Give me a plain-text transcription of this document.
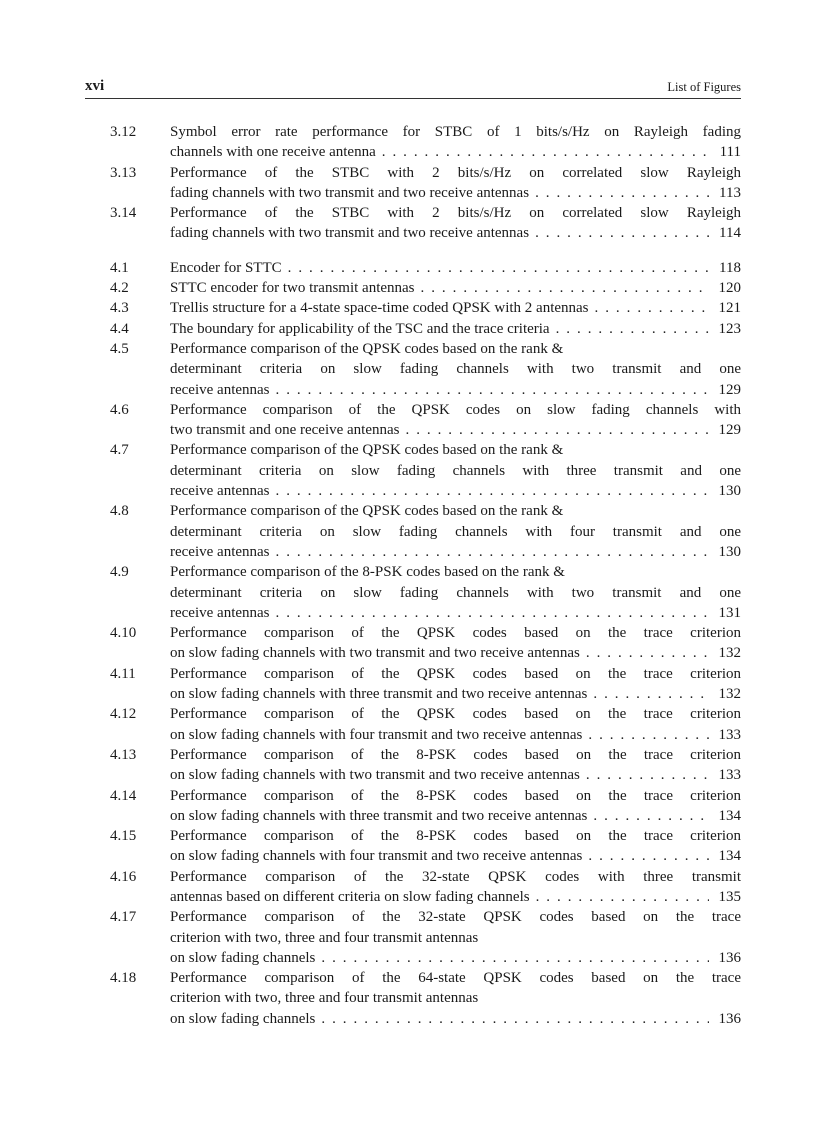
xvi	List of Figures
3.12	Symbol error rate performance for STBC of 1 bits/s/Hz on Rayleigh fading
channels with one receive antenna . . .	111
3.13	Performance of the STBC with 2 bits/s/Hz on correlated slow Rayleigh
fading channels with two transmit and two receive antennas . . .	113
3.14	Performance of the STBC with 2 bits/s/Hz on correlated slow Rayleigh
fading channels with two transmit and two receive antennas . . .	114
4.1	Encoder for STTC . . .	118
4.2	STTC encoder for two transmit antennas . . .	120
4.3	Trellis structure for a 4-state space-time coded QPSK with 2 antennas . . .	121
4.4	The boundary for applicability of the TSC and the trace criteria . . .	123
4.5	Performance comparison of the QPSK codes based on the rank &
determinant criteria on slow fading channels with two transmit and one
receive antennas . . .	129
4.6	Performance comparison of the QPSK codes on slow fading channels with
two transmit and one receive antennas . . .	129
4.7	Performance comparison of the QPSK codes based on the rank &
determinant criteria on slow fading channels with three transmit and one
receive antennas . . .	130
4.8	Performance comparison of the QPSK codes based on the rank &
determinant criteria on slow fading channels with four transmit and one
receive antennas . . .	130
4.9	Performance comparison of the 8-PSK codes based on the rank &
determinant criteria on slow fading channels with two transmit and one
receive antennas . . .	131
4.10	Performance comparison of the QPSK codes based on the trace criterion
on slow fading channels with two transmit and two receive antennas . . .	132
4.11	Performance comparison of the QPSK codes based on the trace criterion
on slow fading channels with three transmit and two receive antennas . . .	132
4.12	Performance comparison of the QPSK codes based on the trace criterion
on slow fading channels with four transmit and two receive antennas . . .	133
4.13	Performance comparison of the 8-PSK codes based on the trace criterion
on slow fading channels with two transmit and two receive antennas . . .	133
4.14	Performance comparison of the 8-PSK codes based on the trace criterion
on slow fading channels with three transmit and two receive antennas . . .	134
4.15	Performance comparison of the 8-PSK codes based on the trace criterion
on slow fading channels with four transmit and two receive antennas . . .	134
4.16	Performance comparison of the 32-state QPSK codes with three transmit
antennas based on different criteria on slow fading channels . . .	135
4.17	Performance comparison of the 32-state QPSK codes based on the trace
criterion with two, three and four transmit antennas
on slow fading channels . . .	136
4.18	Performance comparison of the 64-state QPSK codes based on the trace
criterion with two, three and four transmit antennas
on slow fading channels . . .	136
